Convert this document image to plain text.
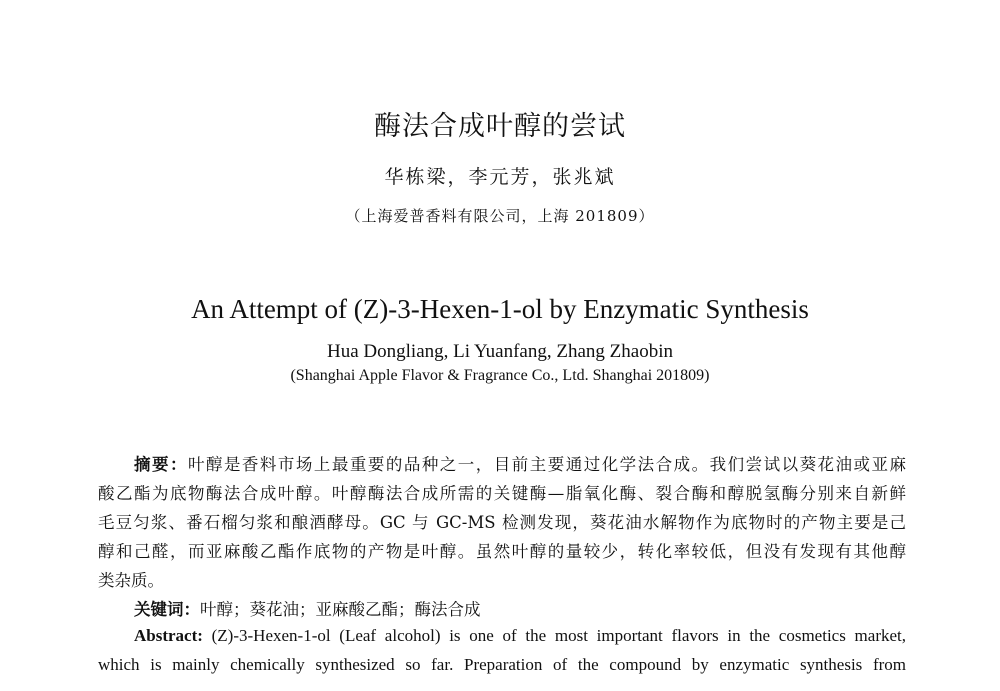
酶法合成叶醇的尝试
华栋梁，李元芳，张兆斌
（上海爱普香料有限公司，上海 201809）
An Attempt of (Z)-3-Hexen-1-ol by Enzymatic Synthesis
Hua Dongliang, Li Yuanfang, Zhang Zhaobin
(Shanghai Apple Flavor & Fragrance Co., Ltd. Shanghai 201809)
摘要：叶醇是香料市场上最重要的品种之一，目前主要通过化学法合成。我们尝试以葵花油或亚麻
酸乙酯为底物酶法合成叶醇。叶醇酶法合成所需的关键酶—脂氧化酶、裂合酶和醇脱氢酶分别来自新鲜
毛豆匀浆、番石榴匀浆和酿酒酵母。GC 与 GC-MS 检测发现，葵花油水解物作为底物时的产物主要是己
醇和己醛，而亚麻酸乙酯作底物的产物是叶醇。虽然叶醇的量较少，转化率较低，但没有发现有其他醇
类杂质。
关键词：叶醇；葵花油；亚麻酸乙酯；酶法合成
Abstract: (Z)-3-Hexen-1-ol (Leaf alcohol) is one of the most important flavors in the cosmetics market,
which is mainly chemically synthesized so far. Preparation of the compound by enzymatic synthesis from
